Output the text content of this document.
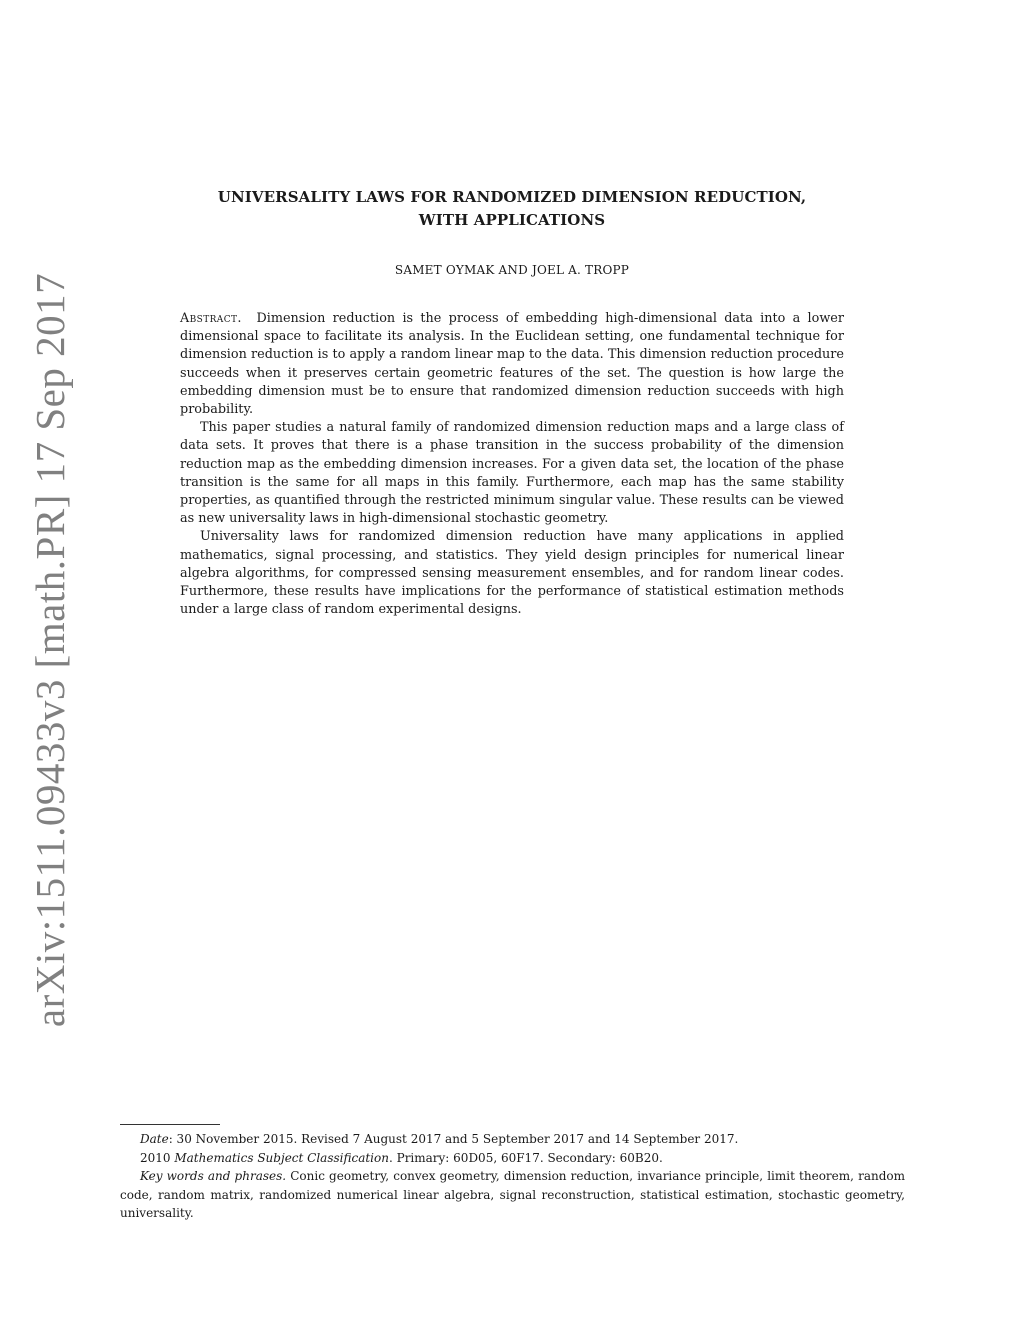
arXiv:1511.09433v3 [math.PR] 17 Sep 2017
UNIVERSALITY LAWS FOR RANDOMIZED DIMENSION REDUCTION,
WITH APPLICATIONS
SAMET OYMAK AND JOEL A. TROPP

Abstract. Dimension reduction is the process of embedding high-dimensional data into a lower dimensional space to facilitate its analysis. In the Euclidean setting, one fundamental technique for dimension reduction is to apply a random linear map to the data. This dimension reduction procedure succeeds when it preserves certain geometric features of the set. The question is how large the embedding dimension must be to ensure that randomized dimension reduction succeeds with high probability.

This paper studies a natural family of randomized dimension reduction maps and a large class of data sets. It proves that there is a phase transition in the success probability of the dimension reduction map as the embedding dimension increases. For a given data set, the location of the phase transition is the same for all maps in this family. Furthermore, each map has the same stability properties, as quantified through the restricted minimum singular value. These results can be viewed as new universality laws in high-dimensional stochastic geometry.

Universality laws for randomized dimension reduction have many applications in applied mathematics, signal processing, and statistics. They yield design principles for numerical linear algebra algorithms, for compressed sensing measurement ensembles, and for random linear codes. Furthermore, these results have implications for the performance of statistical estimation methods under a large class of random experimental designs.

Date: 30 November 2015. Revised 7 August 2017 and 5 September 2017 and 14 September 2017.

2010 Mathematics Subject Classification. Primary: 60D05, 60F17. Secondary: 60B20.

Key words and phrases. Conic geometry, convex geometry, dimension reduction, invariance principle, limit theorem, random code, random matrix, randomized numerical linear algebra, signal reconstruction, statistical estimation, stochastic geometry, universality.
